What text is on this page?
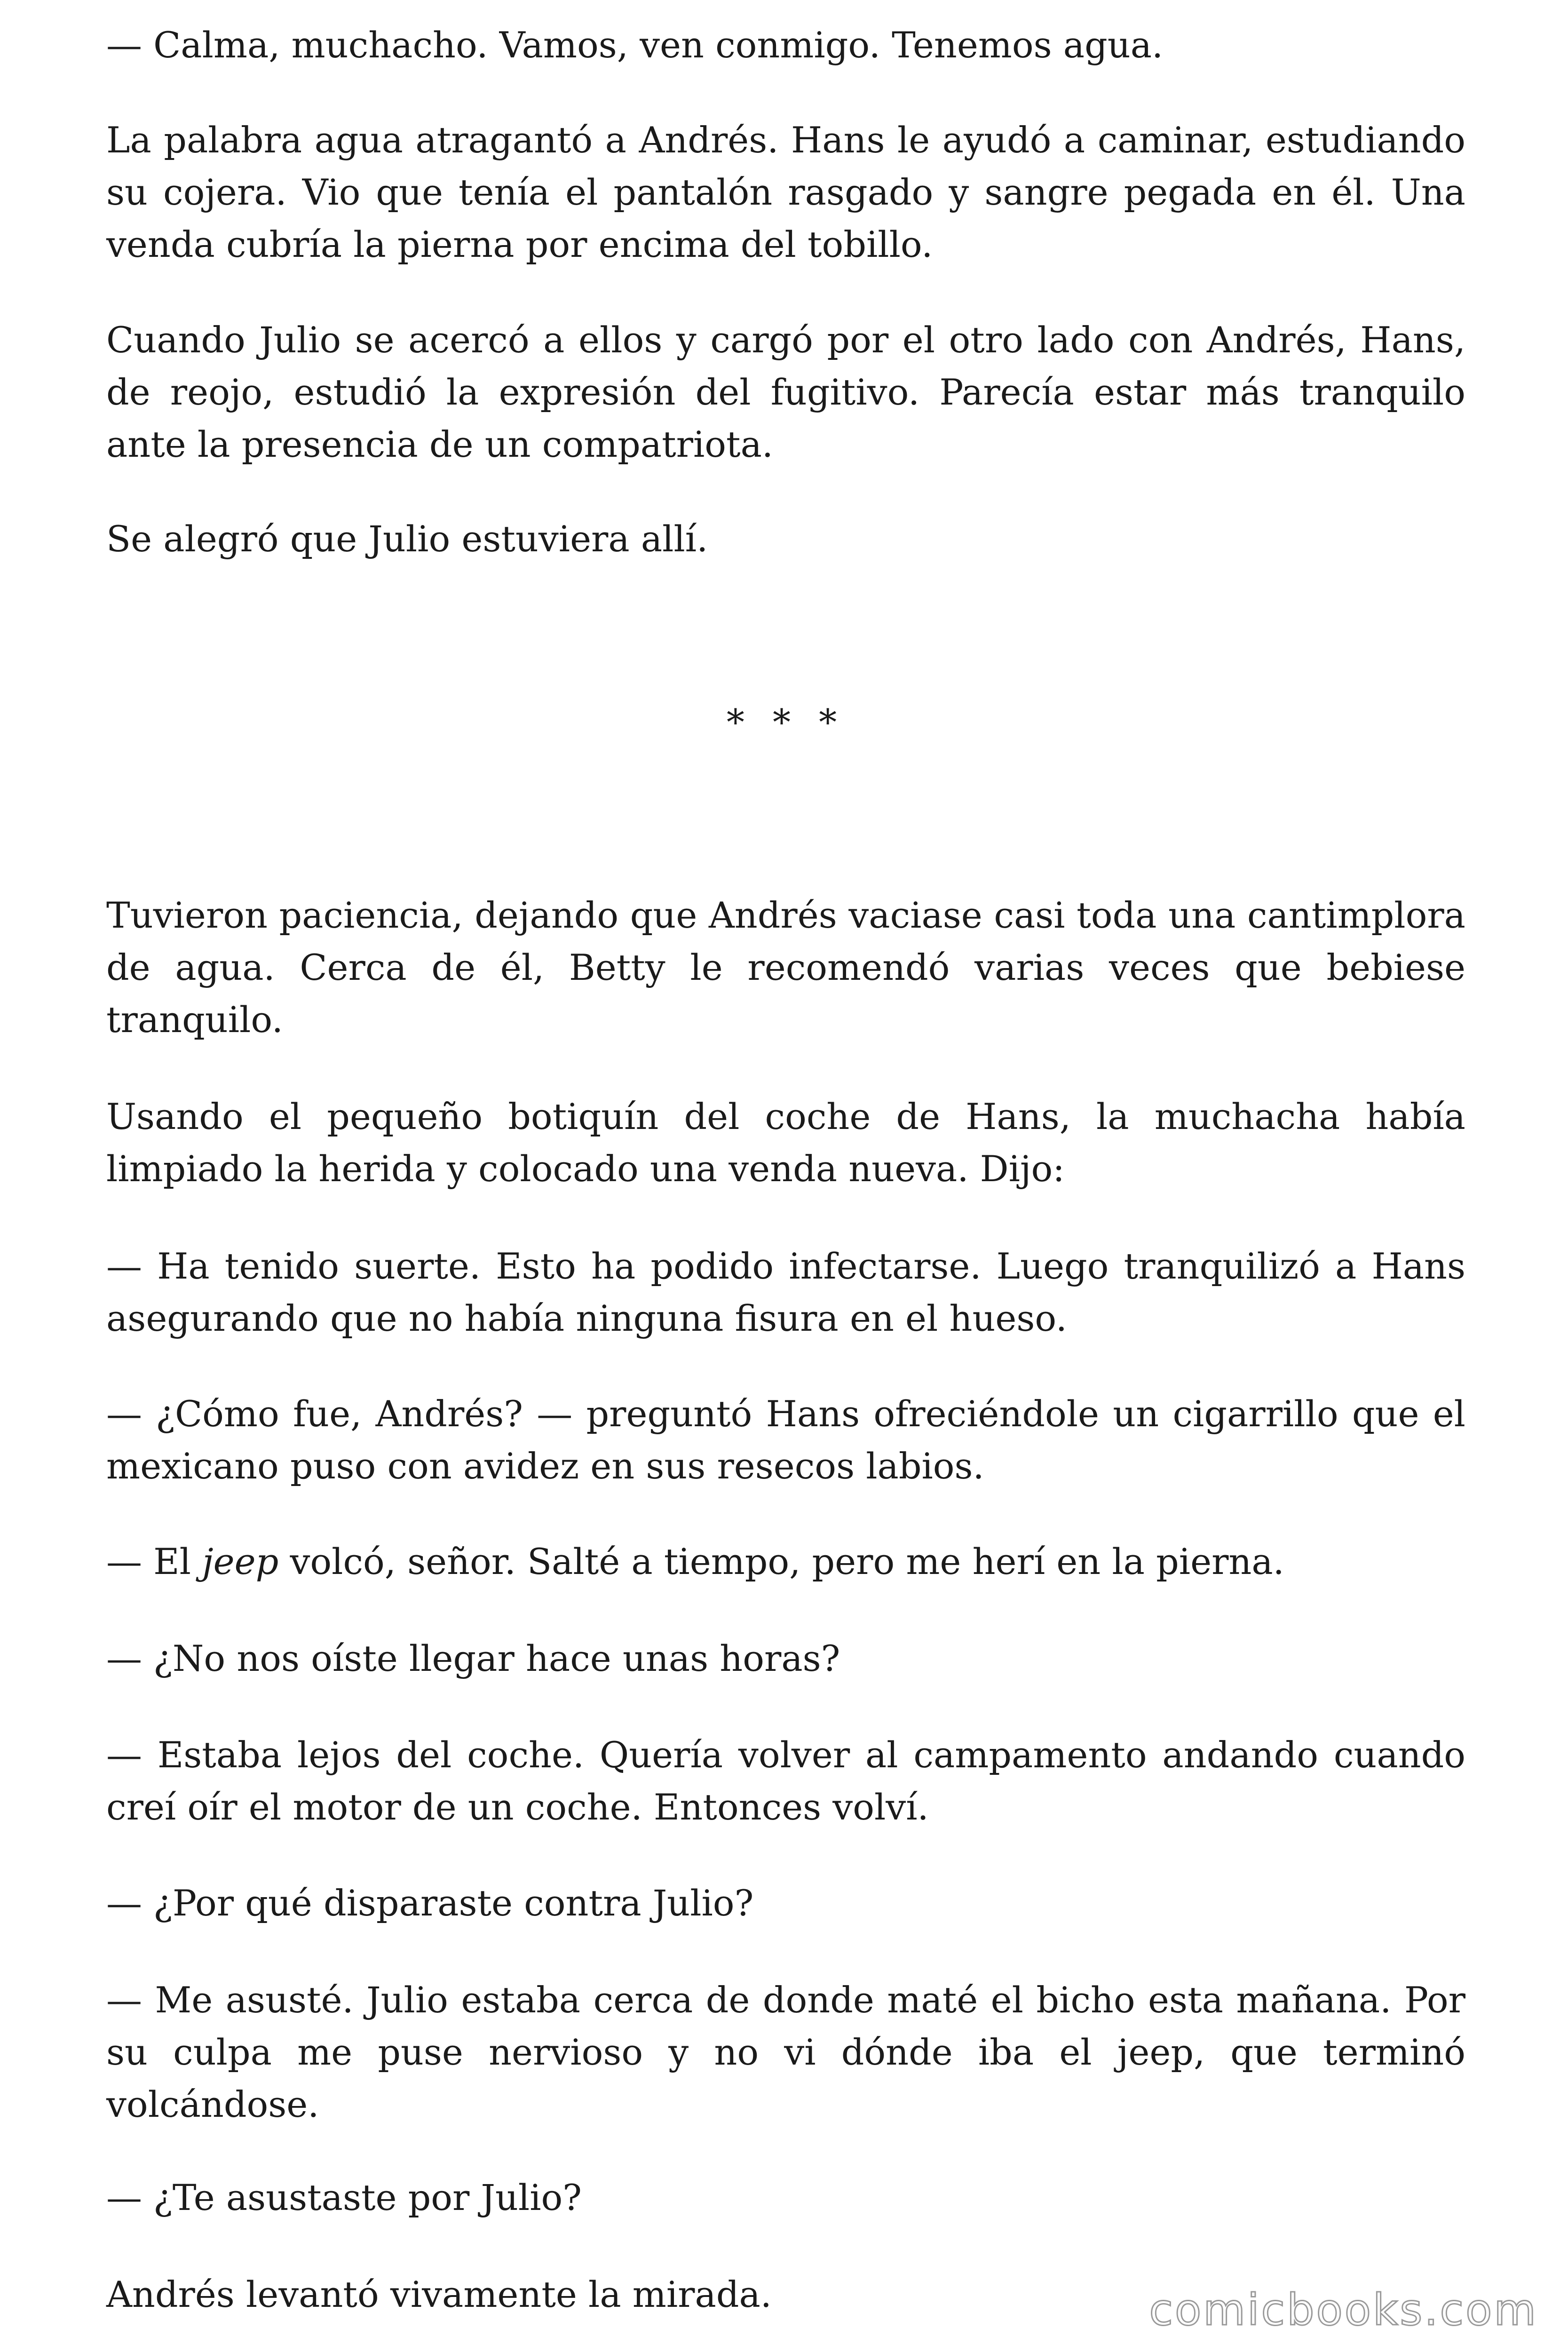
— Calma, muchacho. Vamos, ven conmigo. Tenemos agua.

La palabra agua atragantó a Andrés. Hans le ayudó a caminar, estudiando su cojera. Vio que tenía el pantalón rasgado y sangre pegada en él. Una venda cubría la pierna por encima del tobillo.

Cuando Julio se acercó a ellos y cargó por el otro lado con Andrés, Hans, de reojo, estudió la expresión del fugitivo. Parecía estar más tranquilo ante la presencia de un compatriota.

Se alegró que Julio estuviera allí.

* * *

Tuvieron paciencia, dejando que Andrés vaciase casi toda una cantimplora de agua. Cerca de él, Betty le recomendó varias veces que bebiese tranquilo.

Usando el pequeño botiquín del coche de Hans, la muchacha había limpiado la herida y colocado una venda nueva. Dijo:

— Ha tenido suerte. Esto ha podido infectarse. Luego tranquilizó a Hans asegurando que no había ninguna fisura en el hueso.

— ¿Cómo fue, Andrés? — preguntó Hans ofreciéndole un cigarrillo que el mexicano puso con avidez en sus resecos labios.

— El jeep volcó, señor. Salté a tiempo, pero me herí en la pierna.

— ¿No nos oíste llegar hace unas horas?

— Estaba lejos del coche. Quería volver al campamento andando cuando creí oír el motor de un coche. Entonces volví.

— ¿Por qué disparaste contra Julio?

— Me asusté. Julio estaba cerca de donde maté el bicho esta mañana. Por su culpa me puse nervioso y no vi dónde iba el jeep, que terminó volcándose.

— ¿Te asustaste por Julio?

Andrés levantó vivamente la mirada.	comicbooks.com
